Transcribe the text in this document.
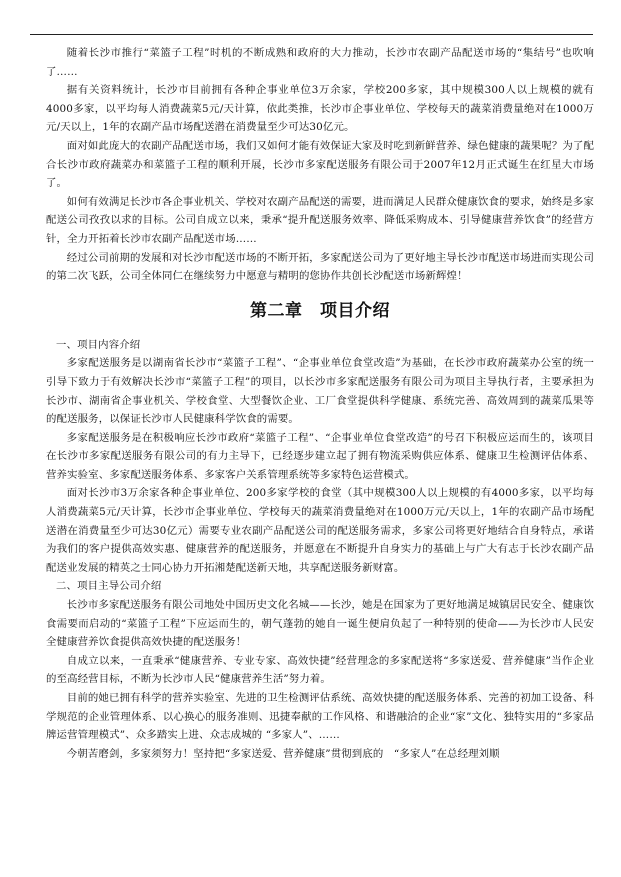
随着长沙市推行“菜篮子工程”时机的不断成熟和政府的大力推动，长沙市农副产品配送市场的“集结号”也吹响了……

据有关资料统计，长沙市目前拥有各种企事业单位3万余家，学校200多家，其中规模300人以上规模的就有4000多家，以平均每人消费蔬菜5元/天计算，依此类推，长沙市企事业单位、学校每天的蔬菜消费量绝对在1000万元/天以上，1年的农副产品市场配送潜在消费量至少可达30亿元。

面对如此庞大的农副产品配送市场，我们又如何才能有效保证大家及时吃到新鲜营养、绿色健康的蔬果呢？为了配合长沙市政府蔬菜办和菜篮子工程的顺利开展，长沙市多家配送服务有限公司于2007年12月正式诞生在红星大市场了。

如何有效满足长沙市各企事业机关、学校对农副产品配送的需要，进而满足人民群众健康饮食的要求，始终是多家配送公司孜孜以求的目标。公司自成立以来，秉承“提升配送服务效率、降低采购成本、引导健康营养饮食”的经营方针，全力开拓着长沙市农副产品配送市场……

经过公司前期的发展和对长沙市配送市场的不断开拓，多家配送公司为了更好地主导长沙市配送市场进而实现公司的第二次飞跃，公司全体同仁在继续努力中愿意与精明的您协作共创长沙配送市场新辉煌！

第二章　项目介绍

一、项目内容介绍

多家配送服务是以湖南省长沙市“菜篮子工程”、“企事业单位食堂改造”为基础，在长沙市政府蔬菜办公室的统一引导下致力于有效解决长沙市“菜篮子工程”的项目，以长沙市多家配送服务有限公司为项目主导执行者，主要承担为长沙市、湖南省企事业机关、学校食堂、大型餐饮企业、工厂食堂提供科学健康、系统完善、高效周到的蔬菜瓜果等的配送服务，以保证长沙市人民健康科学饮食的需要。

多家配送服务是在积极响应长沙市政府“菜篮子工程”、“企事业单位食堂改造”的号召下积极应运而生的，该项目在长沙市多家配送服务有限公司的有力主导下，已经逐步建立起了拥有物流采购供应体系、健康卫生检测评估体系、营养实验室、多家配送服务体系、多家客户关系管理系统等多家特色运营模式。

面对长沙市3万余家各种企事业单位、200多家学校的食堂（其中规模300人以上规模的有4000多家，以平均每人消费蔬菜5元/天计算，长沙市企事业单位、学校每天的蔬菜消费量绝对在1000万元/天以上，1年的农副产品市场配送潜在消费量至少可达30亿元）需要专业农副产品配送公司的配送服务需求，多家公司将更好地结合自身特点，承诺为我们的客户提供高效实惠、健康营养的配送服务，并愿意在不断提升自身实力的基础上与广大有志于长沙农副产品配送业发展的精英之士同心协力开拓湘楚配送新天地，共享配送服务新财富。

二、项目主导公司介绍

长沙市多家配送服务有限公司地处中国历史文化名城——长沙，她是在国家为了更好地满足城镇居民安全、健康饮食需要而启动的“菜篮子工程”下应运而生的，朝气蓬勃的她自一诞生便肩负起了一种特别的使命——为长沙市人民安全健康营养饮食提供高效快捷的配送服务！

自成立以来，一直秉承“健康营养、专业专家、高效快捷”经营理念的多家配送将“多家送爱、营养健康”当作企业的至高经营目标，不断为长沙市人民“健康营养生活”努力着。

目前的她已拥有科学的营养实验室、先进的卫生检测评估系统、高效快捷的配送服务体系、完善的初加工设备、科学规范的企业管理体系、以心换心的服务准则、迅捷奉献的工作风格、和谐融洽的企业“家”文化、独特实用的“多家品牌运营管理模式”、众多踏实上进、众志成城的 “多家人”、……

今朝苦磨剑，多家须努力！坚持把“多家送爱、营养健康”贯彻到底的　“多家人”在总经理刘顺
